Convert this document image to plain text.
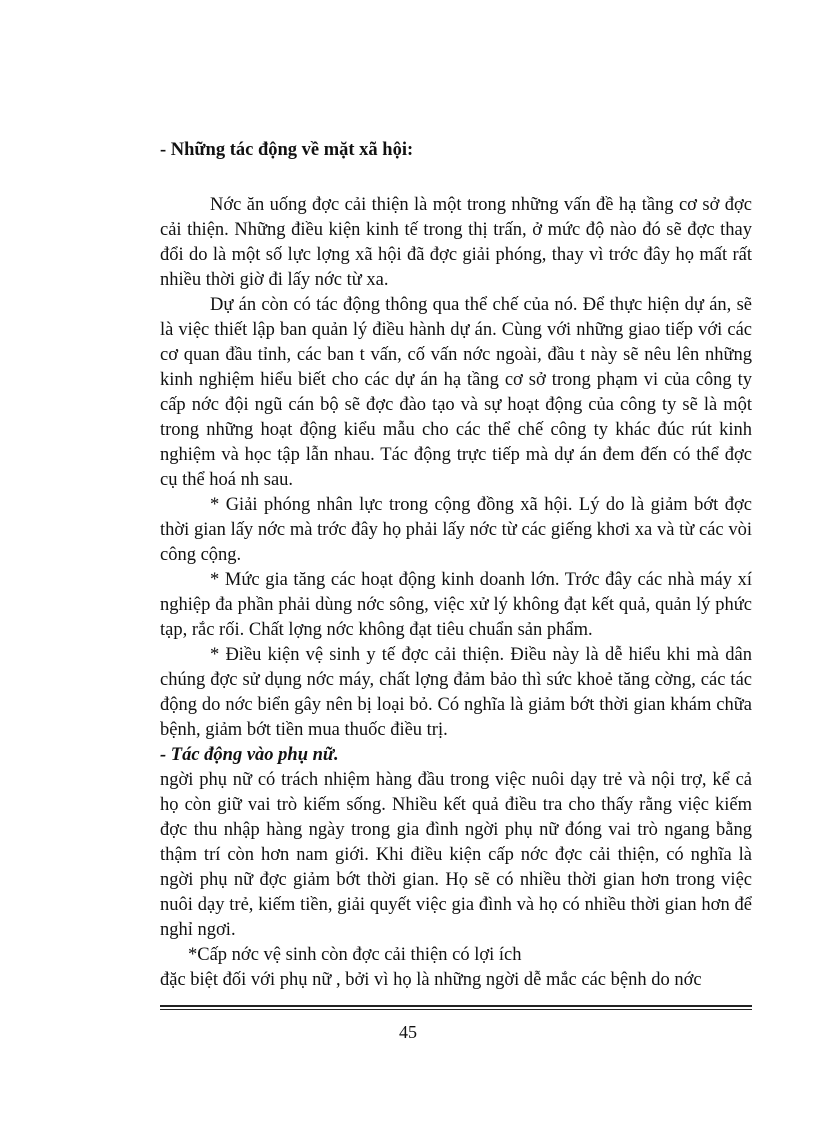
- Những tác động về mặt xã hội:

Nớc ăn uống đợc cải thiện là một trong những vấn đề hạ tầng cơ sở đợc cải thiện. Những điều kiện kinh tế trong thị trấn, ở mức độ nào đó sẽ đợc thay đổi do là một số lực lợng xã hội đã đợc giải phóng, thay vì trớc đây họ mất rất nhiều thời giờ đi lấy nớc từ xa.

Dự án còn có tác động thông qua thể chế của nó. Để thực hiện dự án, sẽ là việc thiết lập ban quản lý điều hành dự án. Cùng với những giao tiếp với các cơ quan đầu tỉnh, các ban t vấn, cố vấn nớc ngoài, đầu t này sẽ nêu lên những kinh nghiệm hiểu biết cho các dự án hạ tầng cơ sở trong phạm vi của công ty cấp nớc đội ngũ cán bộ sẽ đợc đào tạo và sự hoạt động của công ty sẽ là một trong những hoạt động kiểu mẫu cho các thể chế công ty khác đúc rút kinh nghiệm và học tập lẫn nhau. Tác động trực tiếp mà dự án đem đến có thể đợc cụ thể hoá nh sau.

* Giải phóng nhân lực trong cộng đồng xã hội. Lý do là giảm bớt đợc thời gian lấy nớc mà trớc đây họ phải lấy nớc từ các giếng khơi xa và từ các vòi công cộng.

* Mức gia tăng các hoạt động kinh doanh lớn. Trớc đây các nhà máy xí nghiệp đa phần phải dùng nớc sông, việc xử lý không đạt kết quả, quản lý phức tạp, rắc rối. Chất lợng nớc không đạt tiêu chuẩn sản phẩm.

* Điều kiện vệ sinh y tế đợc cải thiện. Điều này là dễ hiểu khi mà dân chúng đợc sử dụng nớc máy, chất lợng đảm bảo thì sức khoẻ tăng cờng, các tác động do nớc biển gây nên bị loại bỏ. Có nghĩa là giảm bớt thời gian khám chữa bệnh, giảm bớt tiền mua thuốc điều trị.

- Tác động vào phụ nữ.

ngời phụ nữ có trách nhiệm hàng đầu trong việc nuôi dạy trẻ và nội trợ, kể cả họ còn giữ vai trò kiếm sống. Nhiều kết quả điều tra cho thấy rằng việc kiếm đợc thu nhập hàng ngày trong gia đình ngời phụ nữ đóng vai trò ngang bằng thậm trí còn hơn nam giới. Khi điều kiện cấp nớc đợc cải thiện, có nghĩa là ngời phụ nữ đợc giảm bớt thời gian. Họ sẽ có nhiều thời gian hơn trong việc nuôi dạy trẻ, kiếm tiền, giải quyết việc gia đình và họ có nhiều thời gian hơn để nghỉ ngơi.

*Cấp nớc vệ sinh còn đợc cải thiện có lợi ích

đặc biệt đối với phụ nữ , bởi vì họ là những ngời dễ mắc các bệnh do nớc

45
